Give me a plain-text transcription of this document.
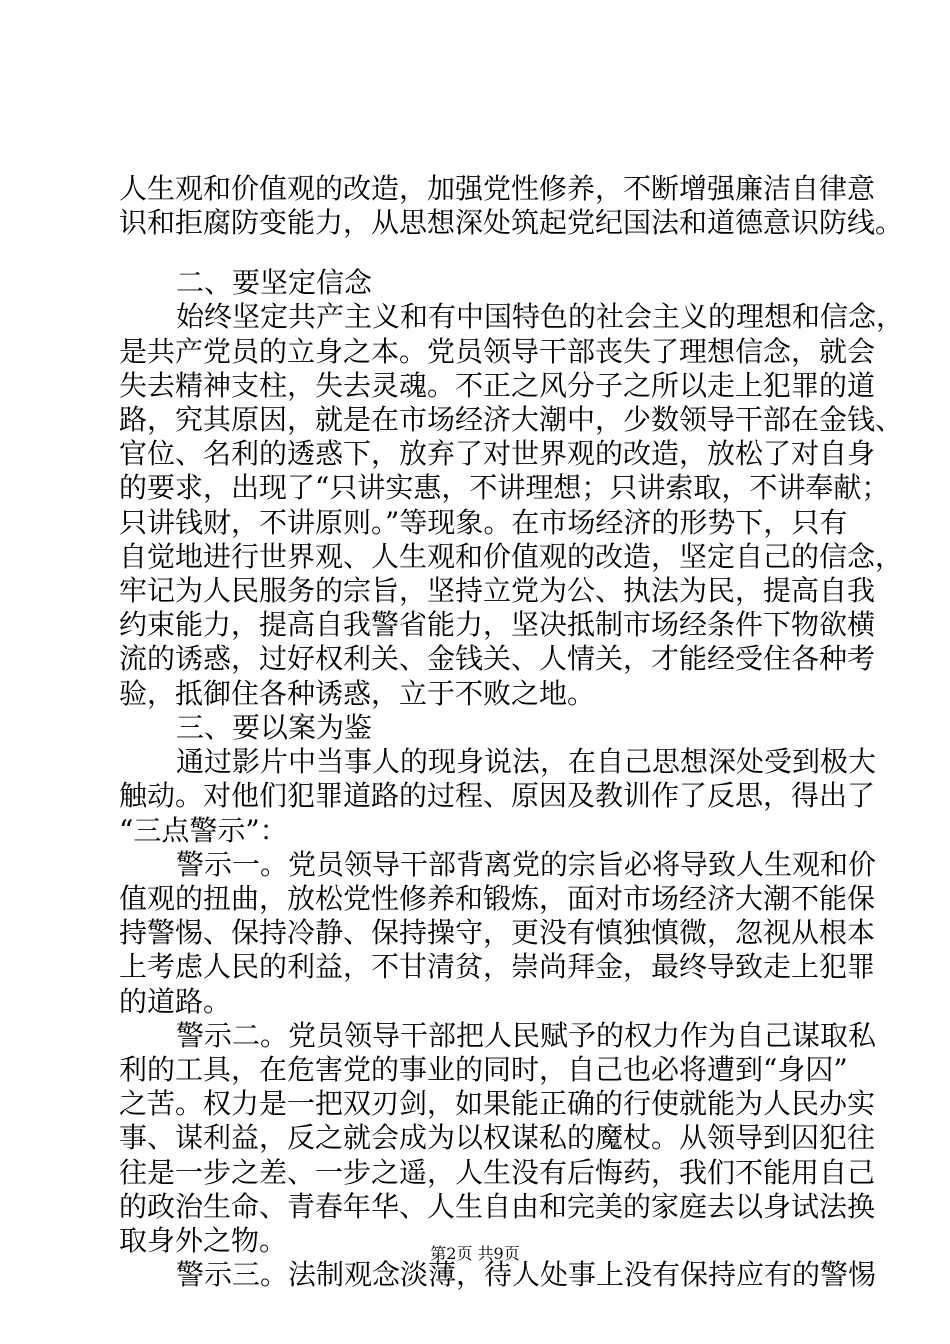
人生观和价值观的改造，加强党性修养，不断增强廉洁自律意
识和拒腐防变能力，从思想深处筑起党纪国法和道德意识防线。
二、要坚定信念
始终坚定共产主义和有中国特色的社会主义的理想和信念，
是共产党员的立身之本。党员领导干部丧失了理想信念，就会
失去精神支柱，失去灵魂。不正之风分子之所以走上犯罪的道
路，究其原因，就是在市场经济大潮中，少数领导干部在金钱、
官位、名利的透惑下，放弃了对世界观的改造，放松了对自身
的要求，出现了“只讲实惠，不讲理想；只讲索取，不讲奉献；
只讲钱财，不讲原则。”等现象。在市场经济的形势下，只有
自觉地进行世界观、人生观和价值观的改造，坚定自己的信念，
牢记为人民服务的宗旨，坚持立党为公、执法为民，提高自我
约束能力，提高自我警省能力，坚决抵制市场经条件下物欲横
流的诱惑，过好权利关、金钱关、人情关，才能经受住各种考
验，抵御住各种诱惑，立于不败之地。
三、要以案为鉴
通过影片中当事人的现身说法，在自己思想深处受到极大
触动。对他们犯罪道路的过程、原因及教训作了反思，得出了
“三点警示”：
警示一。党员领导干部背离党的宗旨必将导致人生观和价
值观的扭曲，放松党性修养和锻炼，面对市场经济大潮不能保
持警惕、保持冷静、保持操守，更没有慎独慎微，忽视从根本
上考虑人民的利益，不甘清贫，崇尚拜金，最终导致走上犯罪
的道路。
警示二。党员领导干部把人民赋予的权力作为自己谋取私
利的工具，在危害党的事业的同时，自己也必将遭到“身囚”
之苦。权力是一把双刃剑，如果能正确的行使就能为人民办实
事、谋利益，反之就会成为以权谋私的魔杖。从领导到囚犯往
往是一步之差、一步之遥，人生没有后悔药，我们不能用自己
的政治生命、青春年华、人生自由和完美的家庭去以身试法换
取身外之物。
警示三。法制观念淡薄，待人处事上没有保持应有的警惕
第2页 共9页
